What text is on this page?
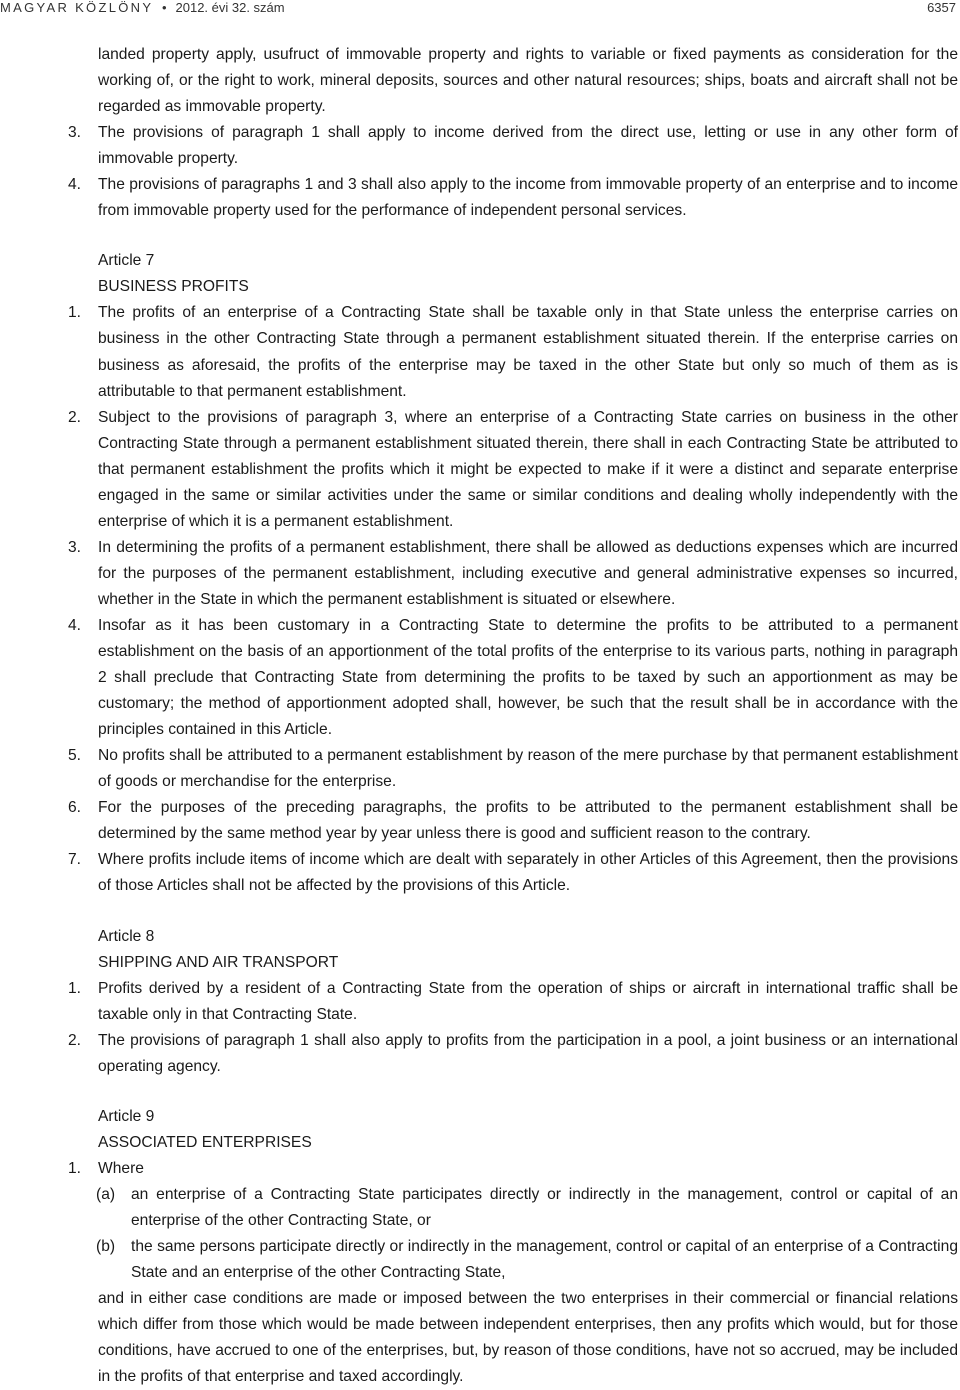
MAGYAR KÖZLÖNY • 2012. évi 32. szám	6357

landed property apply, usufruct of immovable property and rights to variable or fixed payments as consideration for the working of, or the right to work, mineral deposits, sources and other natural resources; ships, boats and aircraft shall not be regarded as immovable property.

3. The provisions of paragraph 1 shall apply to income derived from the direct use, letting or use in any other form of immovable property.

4. The provisions of paragraphs 1 and 3 shall also apply to the income from immovable property of an enterprise and to income from immovable property used for the performance of independent personal services.

Article 7

BUSINESS PROFITS

1. The profits of an enterprise of a Contracting State shall be taxable only in that State unless the enterprise carries on business in the other Contracting State through a permanent establishment situated therein. If the enterprise carries on business as aforesaid, the profits of the enterprise may be taxed in the other State but only so much of them as is attributable to that permanent establishment.

2. Subject to the provisions of paragraph 3, where an enterprise of a Contracting State carries on business in the other Contracting State through a permanent establishment situated therein, there shall in each Contracting State be attributed to that permanent establishment the profits which it might be expected to make if it were a distinct and separate enterprise engaged in the same or similar activities under the same or similar conditions and dealing wholly independently with the enterprise of which it is a permanent establishment.

3. In determining the profits of a permanent establishment, there shall be allowed as deductions expenses which are incurred for the purposes of the permanent establishment, including executive and general administrative expenses so incurred, whether in the State in which the permanent establishment is situated or elsewhere.

4. Insofar as it has been customary in a Contracting State to determine the profits to be attributed to a permanent establishment on the basis of an apportionment of the total profits of the enterprise to its various parts, nothing in paragraph 2 shall preclude that Contracting State from determining the profits to be taxed by such an apportionment as may be customary; the method of apportionment adopted shall, however, be such that the result shall be in accordance with the principles contained in this Article.

5. No profits shall be attributed to a permanent establishment by reason of the mere purchase by that permanent establishment of goods or merchandise for the enterprise.

6. For the purposes of the preceding paragraphs, the profits to be attributed to the permanent establishment shall be determined by the same method year by year unless there is good and sufficient reason to the contrary.

7. Where profits include items of income which are dealt with separately in other Articles of this Agreement, then the provisions of those Articles shall not be affected by the provisions of this Article.

Article 8

SHIPPING AND AIR TRANSPORT

1. Profits derived by a resident of a Contracting State from the operation of ships or aircraft in international traffic shall be taxable only in that Contracting State.

2. The provisions of paragraph 1 shall also apply to profits from the participation in a pool, a joint business or an international operating agency.

Article 9

ASSOCIATED ENTERPRISES

1. Where

(a) an enterprise of a Contracting State participates directly or indirectly in the management, control or capital of an enterprise of the other Contracting State, or

(b) the same persons participate directly or indirectly in the management, control or capital of an enterprise of a Contracting State and an enterprise of the other Contracting State,

and in either case conditions are made or imposed between the two enterprises in their commercial or financial relations which differ from those which would be made between independent enterprises, then any profits which would, but for those conditions, have accrued to one of the enterprises, but, by reason of those conditions, have not so accrued, may be included in the profits of that enterprise and taxed accordingly.
